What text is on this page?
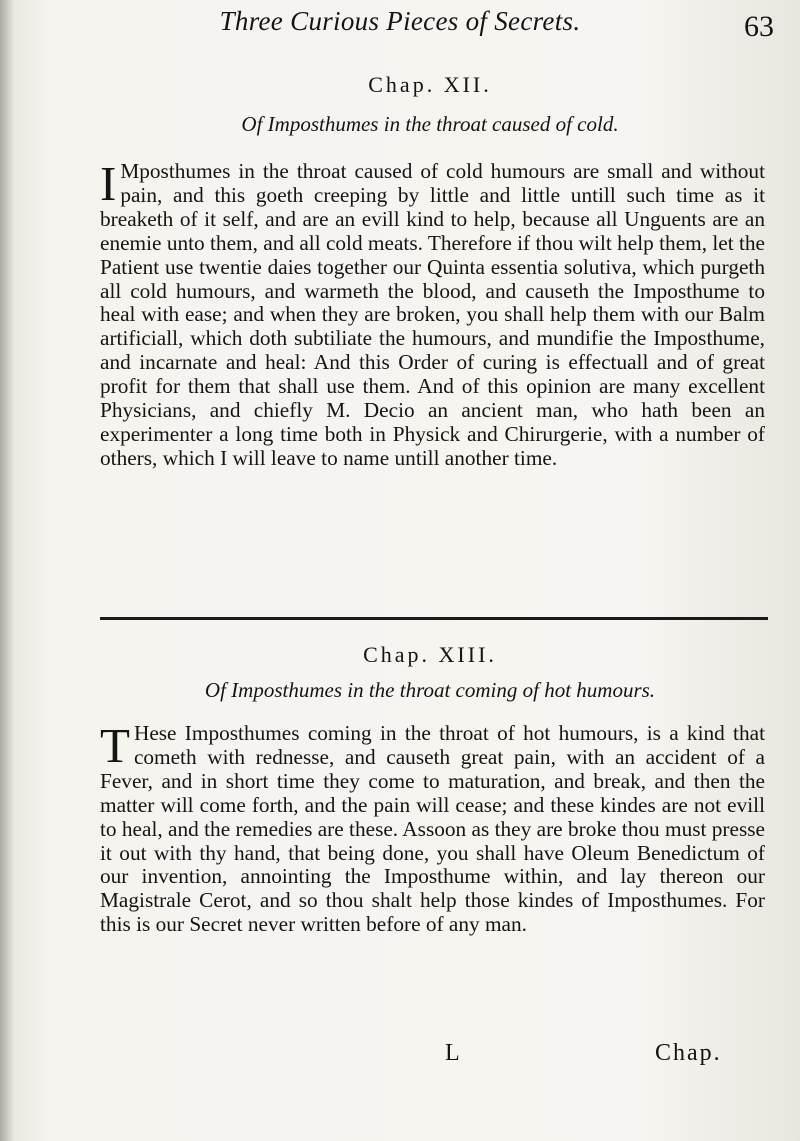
Three Curious Pieces of Secrets.	63
Chap. XII.
Of Imposthumes in the throat caused of cold.

I Mposthumes in the throat caused of cold humours are small and without pain, and this goeth creeping by little and little untill such time as it breaketh of it self, and are an evill kind to help, because all Unguents are an enemie unto them, and all cold meats. Therefore if thou wilt help them, let the Patient use twentie daies together our Quinta essentia solutiva, which purgeth all cold humours, and warmeth the blood, and causeth the Imposthume to heal with ease; and when they are broken, you shall help them with our Balm artificiall, which doth subtiliate the humours, and mundifie the Imposthume, and incarnate and heal: And this Order of curing is effectuall and of great profit for them that shall use them. And of this opinion are many excellent Physicians, and chiefly M. Decio an ancient man, who hath been an experimenter a long time both in Physick and Chirurgerie, with a number of others, which I will leave to name untill another time.

Chap. XIII.
Of Imposthumes in the throat coming of hot humours.

T Hese Imposthumes coming in the throat of hot humours, is a kind that cometh with rednesse, and causeth great pain, with an accident of a Fever, and in short time they come to maturation, and break, and then the matter will come forth, and the pain will cease; and these kindes are not evill to heal, and the remedies are these. Assoon as they are broke thou must presse it out with thy hand, that being done, you shall have Oleum Benedictum of our invention, annointing the Imposthume within, and lay thereon our Magistrale Cerot, and so thou shalt help those kindes of Imposthumes. For this is our Secret never written before of any man.

L	Chap.
